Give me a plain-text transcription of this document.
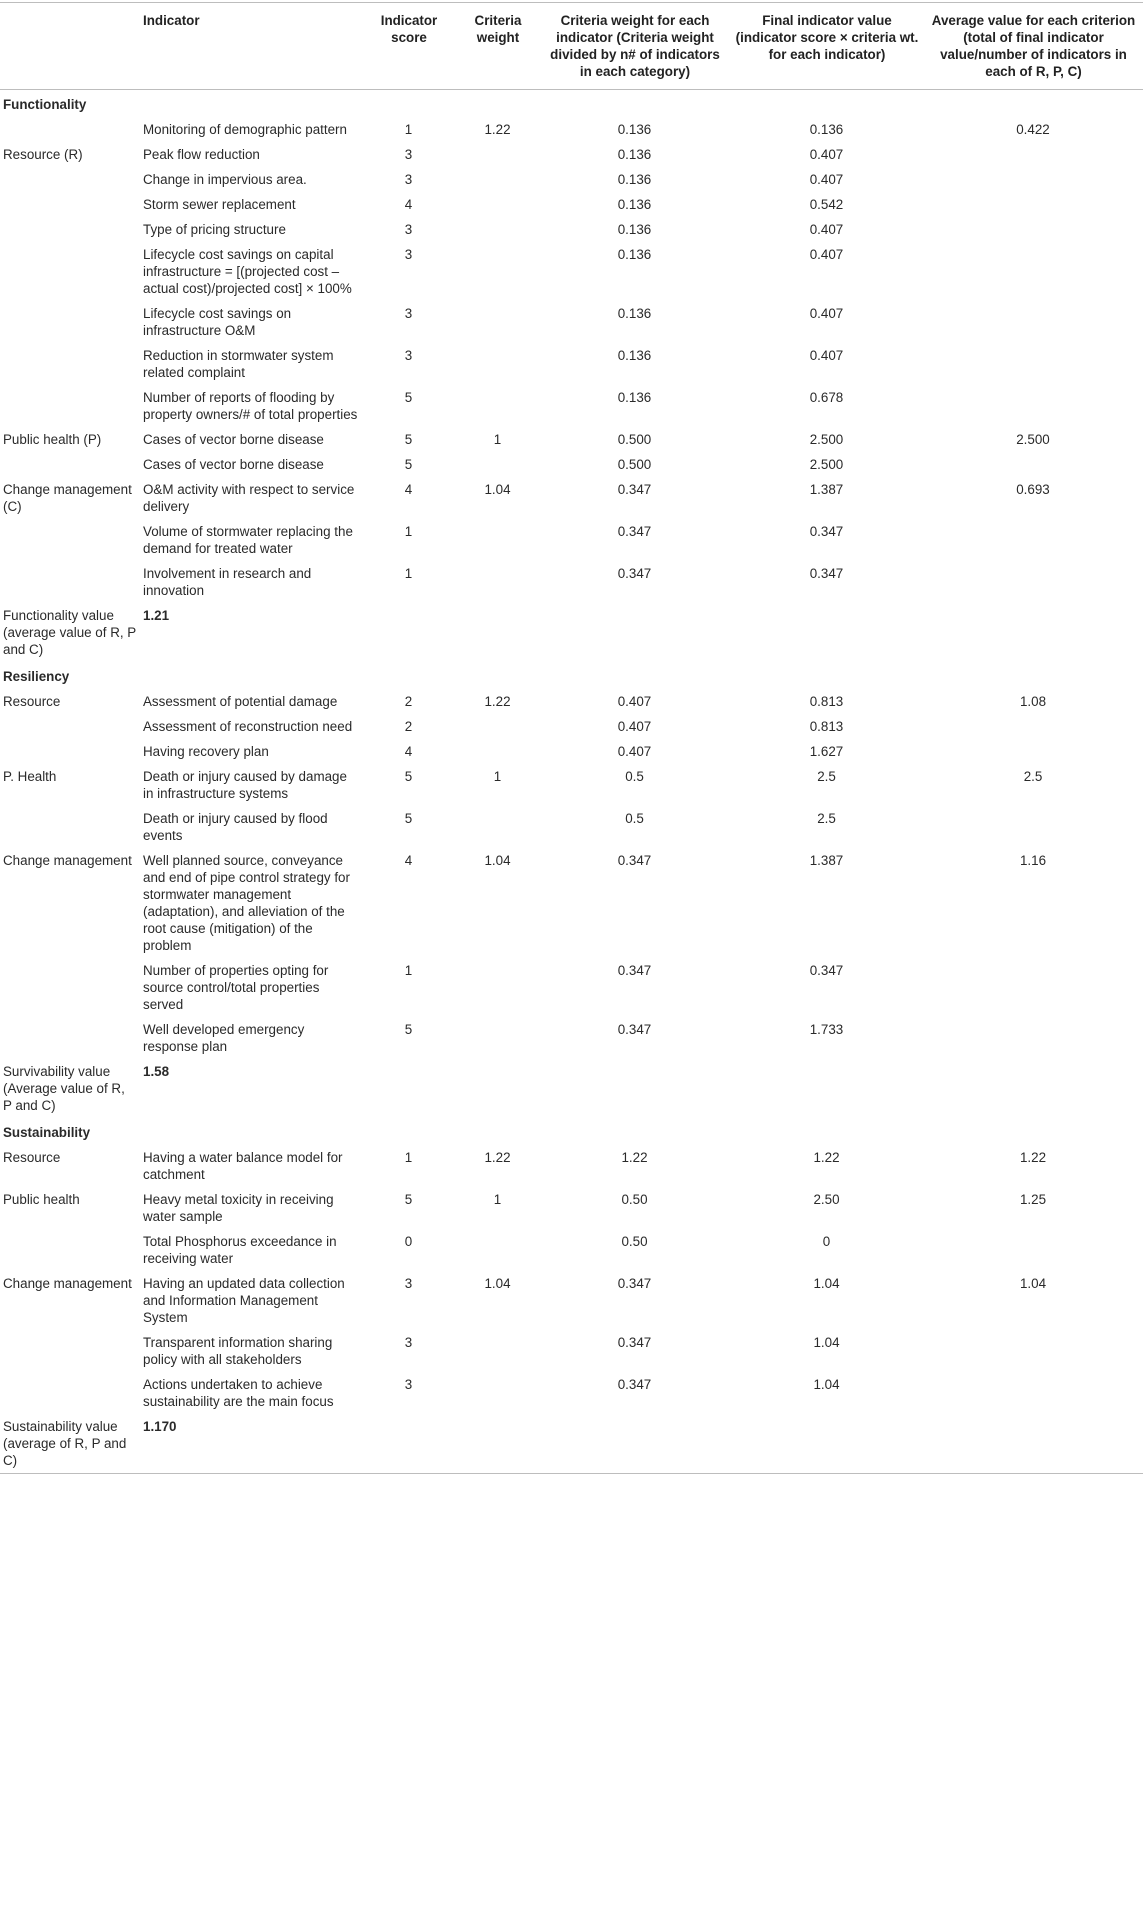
	Indicator	Indicator score	Criteria weight	Criteria weight for each indicator (Criteria weight divided by n# of indicators in each category)	Final indicator value (indicator score × criteria wt. for each indicator)	Average value for each criterion (total of final indicator value/number of indicators in each of R, P, C)
Functionality						
	Monitoring of demographic pattern	1	1.22	0.136	0.136	0.422
Resource (R)	Peak flow reduction	3		0.136	0.407	
	Change in impervious area.	3		0.136	0.407	
	Storm sewer replacement	4		0.136	0.542	
	Type of pricing structure	3		0.136	0.407	
	Lifecycle cost savings on capital infrastructure = [(projected cost – actual cost)/projected cost] × 100%	3		0.136	0.407	
	Lifecycle cost savings on infrastructure O&M	3		0.136	0.407	
	Reduction in stormwater system related complaint	3		0.136	0.407	
	Number of reports of flooding by property owners/# of total properties	5		0.136	0.678	
Public health (P)	Cases of vector borne disease	5	1	0.500	2.500	2.500
	Cases of vector borne disease	5		0.500	2.500	
Change management (C)	O&M activity with respect to service delivery	4	1.04	0.347	1.387	0.693
	Volume of stormwater replacing the demand for treated water	1		0.347	0.347	
	Involvement in research and innovation	1		0.347	0.347	
Functionality value (average value of R, P and C)	1.21					
Resiliency						
Resource	Assessment of potential damage	2	1.22	0.407	0.813	1.08
	Assessment of reconstruction need	2		0.407	0.813	
	Having recovery plan	4		0.407	1.627	
P. Health	Death or injury caused by damage in infrastructure systems	5	1	0.5	2.5	2.5
	Death or injury caused by flood events	5		0.5	2.5	
Change management	Well planned source, conveyance and end of pipe control strategy for stormwater management (adaptation), and alleviation of the root cause (mitigation) of the problem	4	1.04	0.347	1.387	1.16
	Number of properties opting for source control/total properties served	1		0.347	0.347	
	Well developed emergency response plan	5		0.347	1.733	
Survivability value (Average value of R, P and C)	1.58					
Sustainability						
Resource	Having a water balance model for catchment	1	1.22	1.22	1.22	1.22
Public health	Heavy metal toxicity in receiving water sample	5	1	0.50	2.50	1.25
	Total Phosphorus exceedance in receiving water	0		0.50	0	
Change management	Having an updated data collection and Information Management System	3	1.04	0.347	1.04	1.04
	Transparent information sharing policy with all stakeholders	3		0.347	1.04	
	Actions undertaken to achieve sustainability are the main focus	3		0.347	1.04	
Sustainability value (average of R, P and C)	1.170					
